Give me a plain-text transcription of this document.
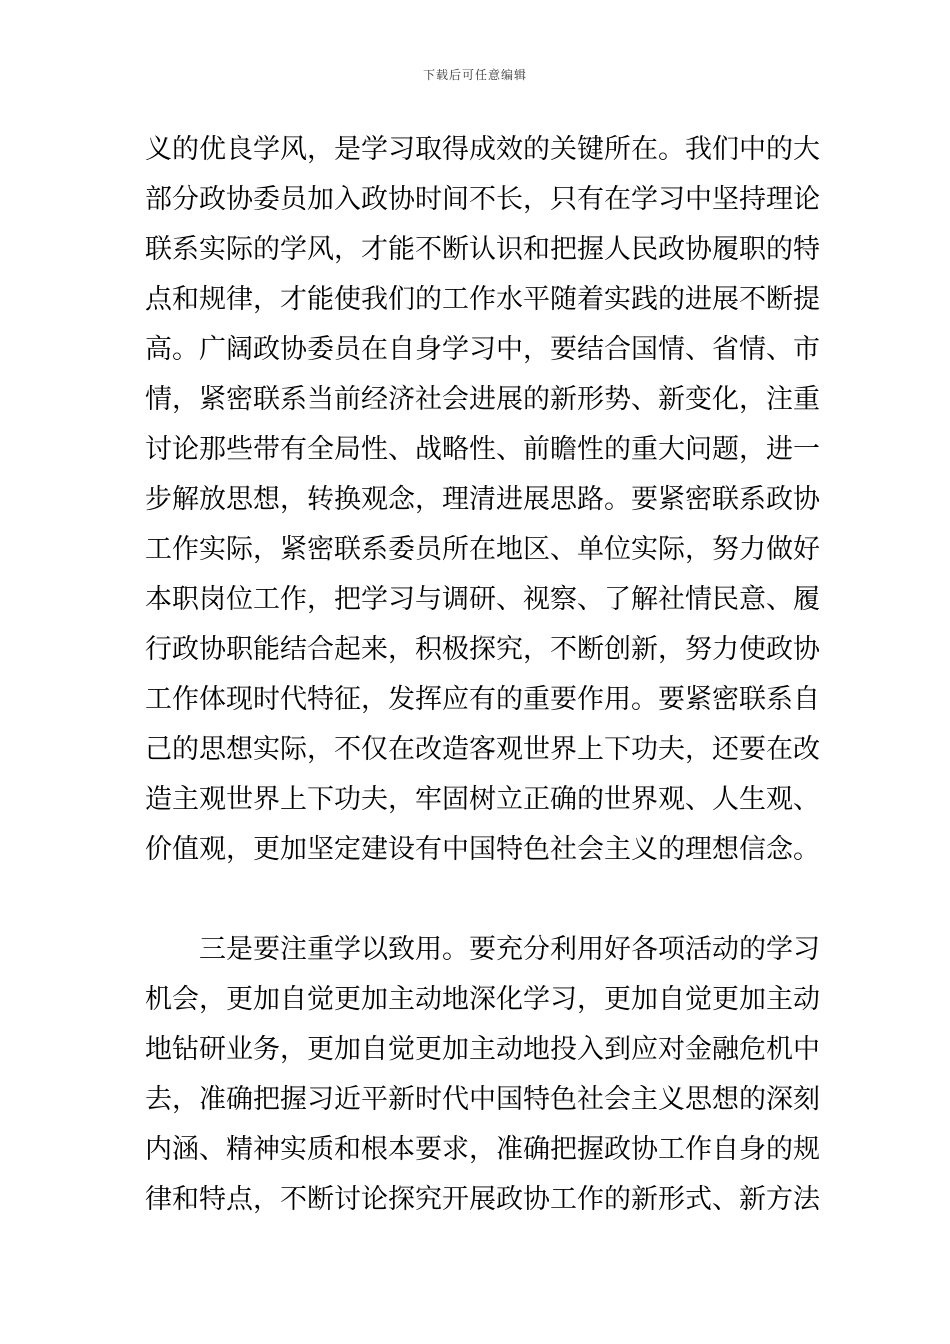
下载后可任意编辑
义的优良学风，是学习取得成效的关键所在。我们中的大
部分政协委员加入政协时间不长，只有在学习中坚持理论
联系实际的学风，才能不断认识和把握人民政协履职的特
点和规律，才能使我们的工作水平随着实践的进展不断提
高。广阔政协委员在自身学习中，要结合国情、省情、市
情，紧密联系当前经济社会进展的新形势、新变化，注重
讨论那些带有全局性、战略性、前瞻性的重大问题，进一
步解放思想，转换观念，理清进展思路。要紧密联系政协
工作实际，紧密联系委员所在地区、单位实际，努力做好
本职岗位工作，把学习与调研、视察、了解社情民意、履
行政协职能结合起来，积极探究，不断创新，努力使政协
工作体现时代特征，发挥应有的重要作用。要紧密联系自
己的思想实际，不仅在改造客观世界上下功夫，还要在改
造主观世界上下功夫，牢固树立正确的世界观、人生观、
价值观，更加坚定建设有中国特色社会主义的理想信念。
三是要注重学以致用。要充分利用好各项活动的学习
机会，更加自觉更加主动地深化学习，更加自觉更加主动
地钻研业务，更加自觉更加主动地投入到应对金融危机中
去，准确把握习近平新时代中国特色社会主义思想的深刻
内涵、精神实质和根本要求，准确把握政协工作自身的规
律和特点，不断讨论探究开展政协工作的新形式、新方法
